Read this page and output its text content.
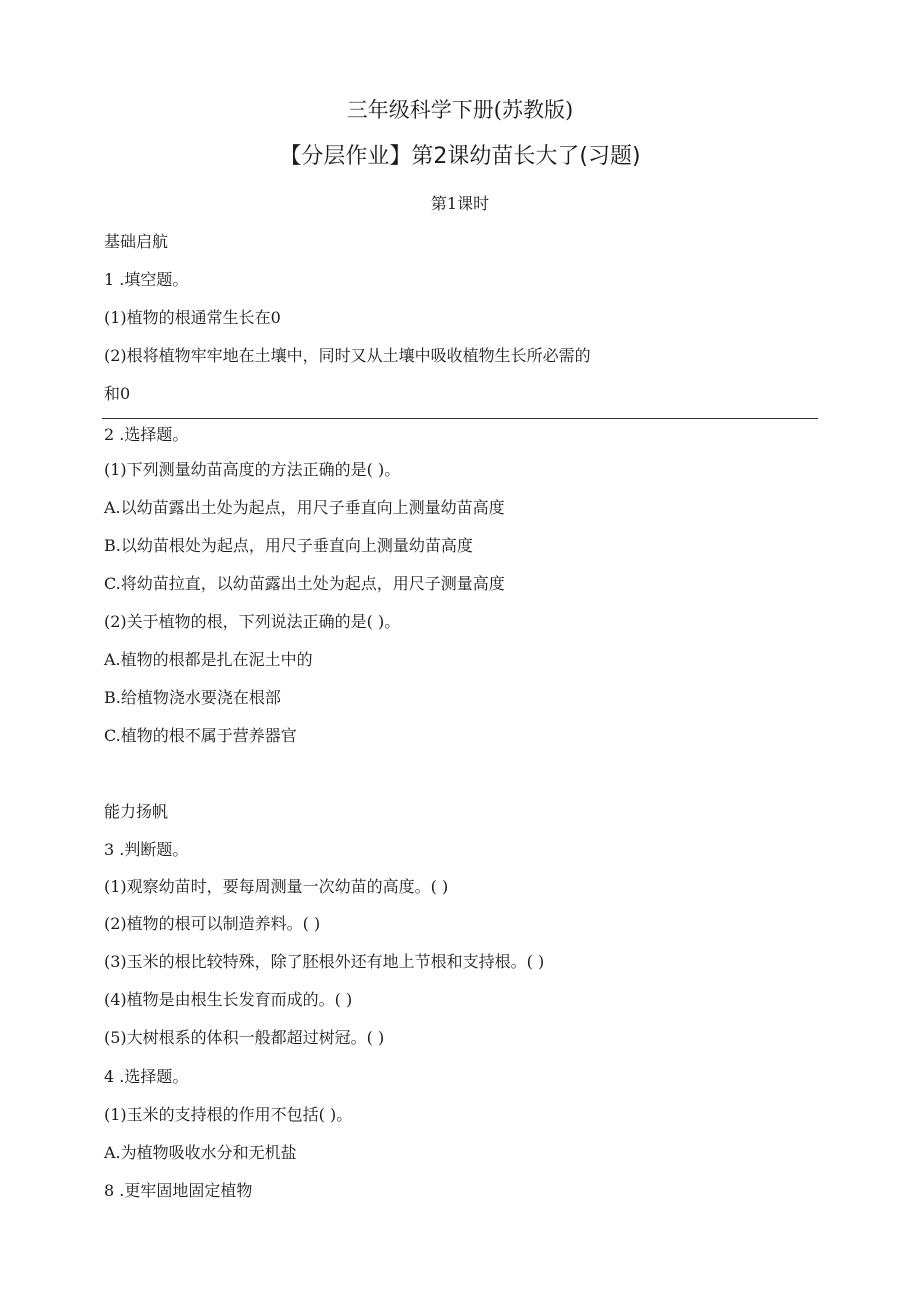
三年级科学下册(苏教版)
【分层作业】第2课幼苗长大了(习题)
第1课时
基础启航
1 .填空题。
(1)植物的根通常生长在0
(2)根将植物牢牢地在土壤中，同时又从土壤中吸收植物生长所必需的
和0
2 .选择题。
(1)下列测量幼苗高度的方法正确的是( )。
A.以幼苗露出土处为起点，用尺子垂直向上测量幼苗高度
B.以幼苗根处为起点，用尺子垂直向上测量幼苗高度
C.将幼苗拉直，以幼苗露出土处为起点，用尺子测量高度
(2)关于植物的根，下列说法正确的是( )。
A.植物的根都是扎在泥土中的
B.给植物浇水要浇在根部
C.植物的根不属于营养器官
能力扬帆
3 .判断题。
(1)观察幼苗时，要每周测量一次幼苗的高度。( )
(2)植物的根可以制造养料。( )
(3)玉米的根比较特殊，除了胚根外还有地上节根和支持根。( )
(4)植物是由根生长发育而成的。( )
(5)大树根系的体积一般都超过树冠。( )
4 .选择题。
(1)玉米的支持根的作用不包括( )。
A.为植物吸收水分和无机盐
8 .更牢固地固定植物
